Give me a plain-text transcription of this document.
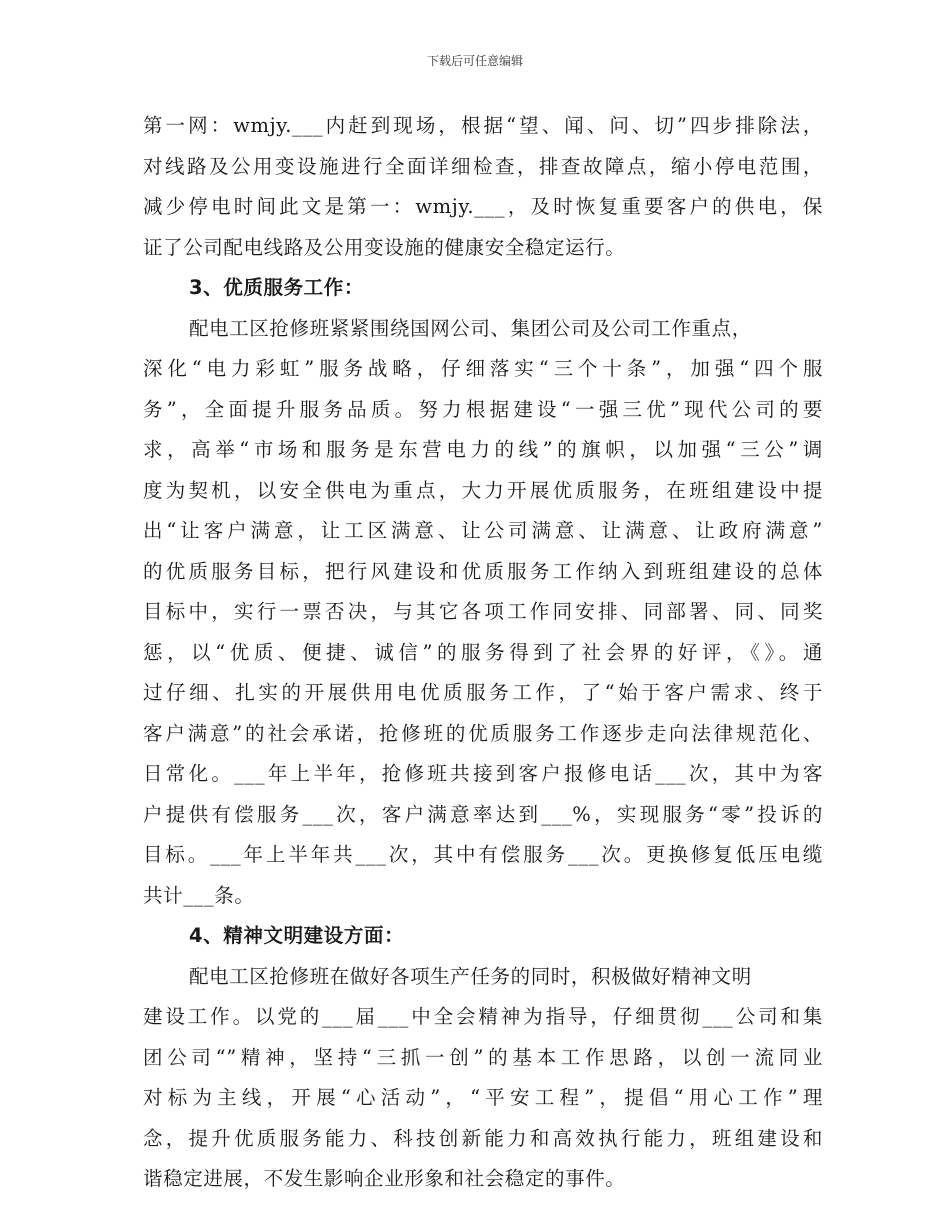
下载后可任意编辑
第一网：wmjy.___内赶到现场，根据“望、闻、问、切”四步排除法，
对线路及公用变设施进行全面详细检查，排查故障点，缩小停电范围，
减少停电时间此文是第一：wmjy.___，及时恢复重要客户的供电，保
证了公司配电线路及公用变设施的健康安全稳定运行。
3、优质服务工作：
配电工区抢修班紧紧围绕国网公司、集团公司及公司工作重点，
深化“电力彩虹”服务战略，仔细落实“三个十条”，加强“四个服
务”，全面提升服务品质。努力根据建设“一强三优”现代公司的要
求，高举“市场和服务是东营电力的线”的旗帜，以加强“三公”调
度为契机，以安全供电为重点，大力开展优质服务，在班组建设中提
出“让客户满意，让工区满意、让公司满意、让满意、让政府满意”
的优质服务目标，把行风建设和优质服务工作纳入到班组建设的总体
目标中，实行一票否决，与其它各项工作同安排、同部署、同、同奖
惩，以“优质、便捷、诚信”的服务得到了社会界的好评，《》。通
过仔细、扎实的开展供用电优质服务工作，了“始于客户需求、终于
客户满意”的社会承诺，抢修班的优质服务工作逐步走向法律规范化、
日常化。___年上半年，抢修班共接到客户报修电话___次，其中为客
户提供有偿服务___次，客户满意率达到___%，实现服务“零”投诉的
目标。___年上半年共___次，其中有偿服务___次。更换修复低压电缆
共计___条。
4、精神文明建设方面：
配电工区抢修班在做好各项生产任务的同时，积极做好精神文明
建设工作。以党的___届___中全会精神为指导，仔细贯彻___公司和集
团公司“”精神，坚持“三抓一创”的基本工作思路，以创一流同业
对标为主线，开展“心活动”，“平安工程”，提倡“用心工作”理
念，提升优质服务能力、科技创新能力和高效执行能力，班组建设和
谐稳定进展，不发生影响企业形象和社会稳定的事件。
